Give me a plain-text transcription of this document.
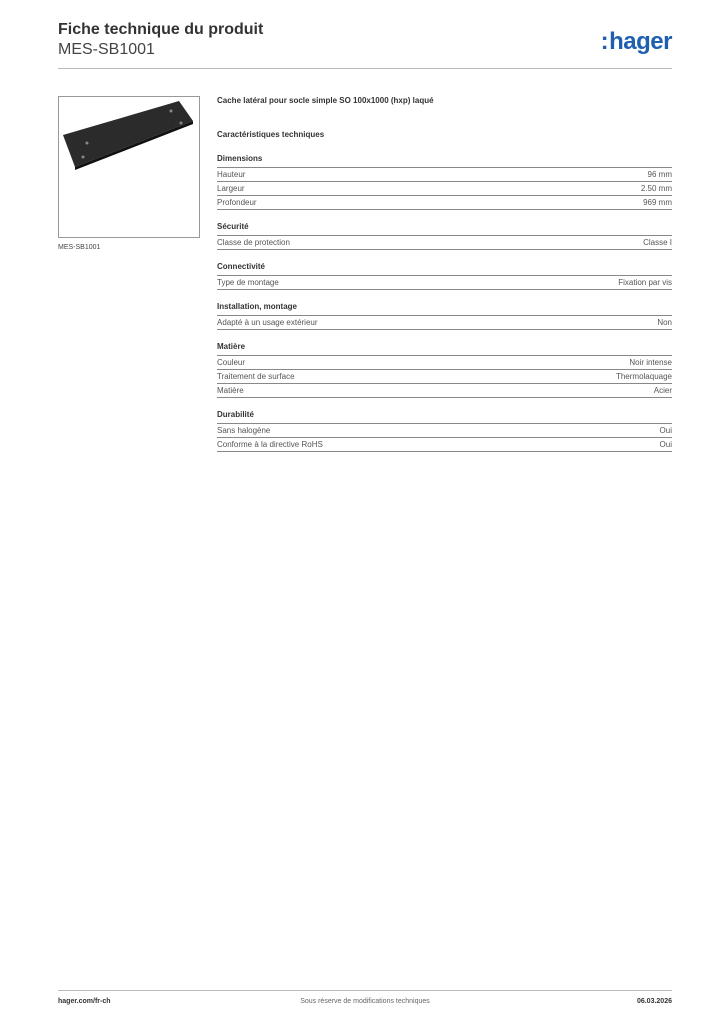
Fiche technique du produit
MES-SB1001	:hager
MES-SB1001
Cache latéral pour socle simple SO 100x1000 (hxp) laqué
Caractéristiques techniques
Dimensions
Hauteur	96 mm
Largeur	2.50 mm
Profondeur	969 mm
Sécurité
Classe de protection	Classe I
Connectivité
Type de montage	Fixation par vis
Installation, montage
Adapté à un usage extérieur	Non
Matière
Couleur	Noir intense
Traitement de surface	Thermolaquage
Matière	Acier
Durabilité
Sans halogène	Oui
Conforme à la directive RoHS	Oui
hager.com/fr-ch	Sous réserve de modifications techniques	06.03.2026
